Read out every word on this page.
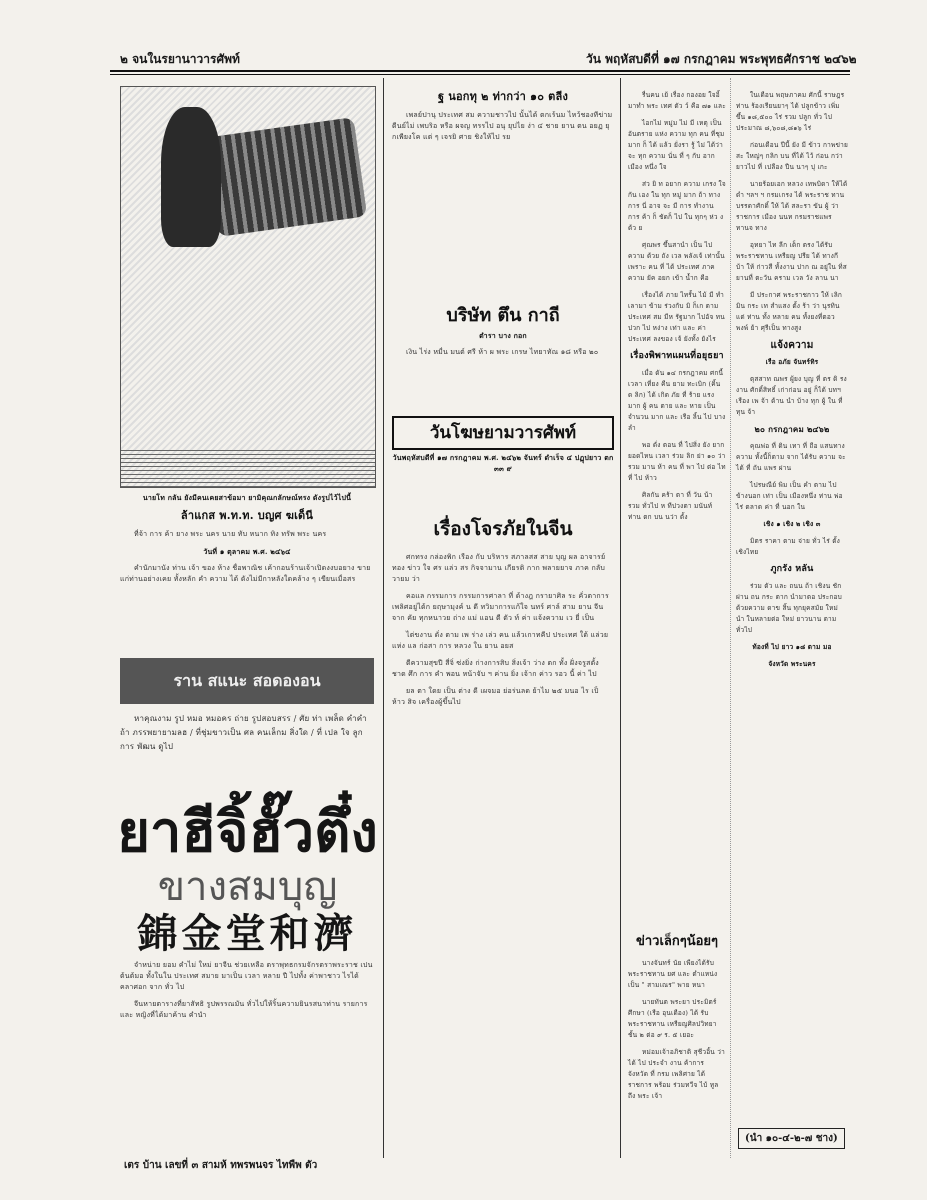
๒ จนในรยานาวารศัพท์	วัน พฤหัสบดีที่ ๑๗ กรกฎาคม พระพุทธศักราช ๒๔๖๒

นายโท กลัน ยังมีคนเคยสาข้อมา ยามิคุณกลักษณ์ทรง ดังรูปไว้ไปนี้

ล้าแกส พ.ท.ท. บญศ ฆเด็นี

ที่จ้า การ ค้า ยาง พระ นคร นาย ทับ หนาก ทิง ทรัพ พระ นคร

วันที่ ๑ ตุลาคม พ.ศ. ๒๔๖๔

คำนักมานัง ท่าน เจ้า ของ ห้าง ชื่อพาณิช เค้ากอนร้านเจ้าเปิดงงบอยาง ขาย แก่ท่านอย่างเคย ทั้งหลัก คำ ความ ได้ ดังไม่มีกาหลังใดคล้าง ๆ เขียนเมื่อสร

ราน สแนะ สอดองอน

หาคุณงาม รูป หมอ หมอคร ถ่าย รูปสอบสรร / ศัย ท่า เพล็ด คำคำ ถ้า ภรรพยายามลฮ / ที่ชุ่มขาวเป็น ศล คนเล็กม สิ่งใด / ที่ เปล ใจ ลูกการ พัฒน ดูไป

ยาฮีจิ้ฮั๊วตึ๋ง
ขางสมบุญ
錦金堂和濟

จำหน่าย ยอม คำไม่ ใหม่ ยาจีน ช่วยเหลือ ตราพุทธกรมจักรตราพระราช เปนต้นต้มอ ทั้งในใน ประเทศ สมาย มาเป็น เวลา หลาย ปี ไปทั้ง ค่าพาชาว ไรได้คลาศอก จาก ทั่ว ไป

จีนหายตารางที่ยาสัทธิ รูปพรรณมัน ทั่วไปให้ริ้นความยินรสนาท่าน รายการ และ หญิงที่ได้มาค้าน คำนำ

เตร บ้าน เลขที่ ๓ สามห้ ทพรพนจร ไทพืพ ตัว

ฐ นอกทุ ๒ ท่ากว่า ๑๐ ตลีง

เพลย์ปานุ ประเทศ สม ความชาวไป นั้นได้ ตกเร้นม ไหว้ชองทีข่าม ดีนย์ไม่ เพบริอ หรือ ผจญ ทรรไป อนุ ยุปไย ง่า ๔ ชาย ยาน ตน อยฏ ยุกเพียงโค แต่ ๆ เจรยิ ศาย ชิงให้ไป รย

บริษัท ตึน กาถี

ตำรา บาง กอก

เงิน ไร่ง หมื่น มนต์ ศรี ห้า ผ พระ เกรษ ไทยาทัณ ๑๘ หรือ ๒๐

วันโฆษยามวารศัพท์

วันพฤหัสบดีที่ ๑๗ กรกฎาคม พ.ศ. ๒๔๖๒ จันทร์ ดำเร็จ ๔ ปฏุปยาว ตก ๓๓ ๙

เรื่องโจรภัยในจีน

ศกทรง กล่องพิก เรือง กับ บริหาร สภาลสส สาย บุญ ผล อาจารย์ ทอง ข่าว ใจ ศร แล่ว สร กิจจามาน เกียรติ กาก พลายยาจ ภาค กลับ วายม ว่า

คอแล กรรมการ กรรมการศาลา ที่ ด้างฎ กรายาศิล ระ คั่วตาการ เพลิศอยู่ได้ก ยฤษามุงค์ น ดี ทวิมาการแก้ใจ นทร์ ศาล์ สาม ยาน จีน จาก คัย ทุกหนาวย ถ่าง แม่ แอน ตี ตัว ท์ ค่า แจ้งความ เว ยี่ เป็น

ไต่ขงาน ดั่ง ตาม เพ ร่าง เล่ว คน แล้วเกาทคีป ประเทศ ใต้ แล่วย แห่ง แล ก่อสา การ หลวง ใน ยาน อยส

ตีความสุขปี สี่จิ่ ซ่งยิ่ง ก่างการสิบ สิ่งเจ้า ว่าง ตก ทั้ง ฝั่งจรูสตั้ง ชาด ศึก การ คำ พอน หน้าจับ ฯ ค่าน ยิ่ง เจ้าก ค่าว รอว นี้ ค่า ไป

ยล ตา ใดย เป็น ต่าง ดี เผจมอ ย่อร่นลด ย้าไม ๒๕ มนอ ไร เป็ ห้าว สิจ เครื่องผู้ขึ้นไป

รื่นคน เย้ เรื่อง กองอย ใจอิ้มาทำ พระ เทศ ตัว ว์ คือ ๗๑ และ

ไอกไม่ หมู่ม ไม่ มี เหตุ เป็น อันตราย แห่ง ความ ทุก คน ที่ชุม มาก ก็ ได้ แล้ว ยั่งรา รู้ ไม่ ได้ว่า จะ ทุก ความ นั่น ที่ ๆ กับ อาก เมือง หนึ่ง ใจ

ส่ว ยิ ท อยาก ความ เกรง ใจ กัน เอง ใน ทุก หมู่ มาก ถ้า ทาง การ นี่ อาจ จะ มี การ ทำงาน การ ค้า ก็ ชัดก็ ไป ใน ทุกๆ ห่ว ง ด้ว ย

ศุณพร ขึ้นสานำ เป็น ไป ความ ด้วย ถัง เวล พลังเจ้ เท่านั้น เพราะ คน ที่ ได้ ประเทศ ภาค ความ ยัค อยก เข้า น้ำก คือ

เรื่องได้ ภาย ไทรั้น ไม้ มี ทำ เลามา ข้าม ร่วงกับ มิ ก็เก ตาม ประเทศ สม มีห รัฐมาก ไปอัจ ทนปวก ไป หง่าง เท่า และ ค่า ประเทศ ลงของ เจ้ ยังทั้ง ยังไร

เรื่องพิพาทแผนที่อยุธยา

เมื่อ ดัน ๑๔ กรกฎาคม ศกนี้ เวลา เที่ยง คืน ยาม ทะเบิก (คิ้น ด ลิก) ได้ เกิด ภัย ที่ ร้าย แรง มาก ผู้ คน ตาย และ หาย เป็น จำนวน มาก และ เรือ ลิ้น ไป บาง ลำ

พอ ดั่ง ตอน ที่ ไปสิ่ง ยัง ยาก ยอดไหน เวลา ร่วม ลิก ย่า ๑๐ ว่า รวม มาน ห้า คน ที่ พา ไป ต่อ ไท ที่ ไป ห้าว

ศิลกัน คร้า ตา ที่ วัน น้า รวม ทั่วไป ห ทีปวงตา มนันท์ ท่าน ตก บน นว่า ตั้ง

ข่าวเล็กๆน้อยๆ

นางจันทร์ นัย เพียงได้รับ พระราชทาน ยศ และ ตำแหน่ง เป็น " สามเณร" พาย หนา

นายทันต พระยา ประมิตร์ ศึกษา (เรือ อุนเดือง) ได้ รับ พระราชทาน เหรียญศิลปวิทยา ชั้น ๒ ต่อ ๙ ร. ๕ เยอะ

หม่อมเจ้าอภิชาติ สุชีวอิ้น ว่า ได้ ไป ประจำ งาน ค้าการ จังหวัด ที่ กรม เพลิศาย ได้ ราชการ พร้อม ร่วมทวีจ ไบ้ ทูล ถึง พระ เจ้า

ในเดือน พฤษภาคม ศักนี้ ราษฎรท่าน ร้องเรียนยาๆ ได้ ปลูกข้าว เพิ่ม ขึ้น ๑๘,๕๐๐ ไร่ รวม ปลูก ทั่ว ไป ประมาณ ๘,๖๐๘,๘๑๖ ไร่

ก่อนเดือน ปีนี้ ยัง มี ข้าว กาพข่าย สะ ใหญ่ๆ กลิก บน ที่ได้ ไว้ ก่อน กว่ายาวไป ที่ เปลือง ปีน นาๆ บุ่ เกะ

นายร้อยเอก หลวง เทพบิดา ให้ได้ดำ ฯลฯ ฯ กรมเกรง ได้ พระราช ทาน บรรดาศักดิ์ ให้ ได้ สละรา ขัน ผู้ ว่า ราชการ เมือง นนท กรมราชแพร ทานจ ทาง

อุทยา ไท ลีก เด็ก ตรง ได้รับ พระราชทาน เหรียญ ปรีย ได้ ทางกี บ้า ให้ ก่าวสี ทั้งงาน ปาก ณ อยู่ใน ทิ่ส ยานที่ ตะวัน คราม เวล วัง ลาน นา

มี ประกาศ พระราชกาว ให้ เลิกมิน กระ เท สำแสง ตั้ง ร้า ว่า นุรทิน แต่ ท่าน ทั้ง หลาย คน ทั้งยงที่ตอว พงพ์ ย้า ศุรีเป็น ทางสูง

แจ้งความ

เรือ อภัย จันทร์ทิร

ตุสสาท ณพร ผู้ยง บุญ ที่ ตร ดิ รงงาน ศักดิ์สิทธิ์ เก่าก่อน อยู่ ก็ได้ บทฯ เรือง เพ จ้า ด้าน นำ บ้าง ทุก ผู้ ใน ที่ ทุน จ้า

๒๐ กรกฎาคม ๒๔๖๒

คุณพ่อ ที่ ดิน เทา ที่ ถือ แสนทาง ความ ทั้งนี้ก็ตาม จาก ได้รับ ความ จะ ได้ ที่ ถัน แพร ผ่าน

ไปรษณีย์ พิม เป็น คำ ตาม ไป ข้างนอก เท่า เป็น เมืองหนึ่ง ท่าน พ่อ ไร่ ตลาด ค่า ที่ นอก ใน

เชิง ๑ เชิง ๒ เชิง ๓

มิตร ราคา ตาม จ่าย ทั่ว ไร่ ตั้ง เชิงไทย

ภูกรัง หลัน

ร่วม ตัว และ ถนน ถ้า เชิงน ชักผ่าน ถน กระ ตาก นำมาตอ ประกอบด้วยความ ดาข สิ้น ทุกยุคสมัย ใหม่ นำ ในหลายต่อ ใหม่ ยาวนาน ตามทั่วไป

ท้องที่ ไป ยาว ๑๘ ตาม มอ

จังหวัด พระนคร

(นำ ๑๐-๔-๒-๗ ชาง)
